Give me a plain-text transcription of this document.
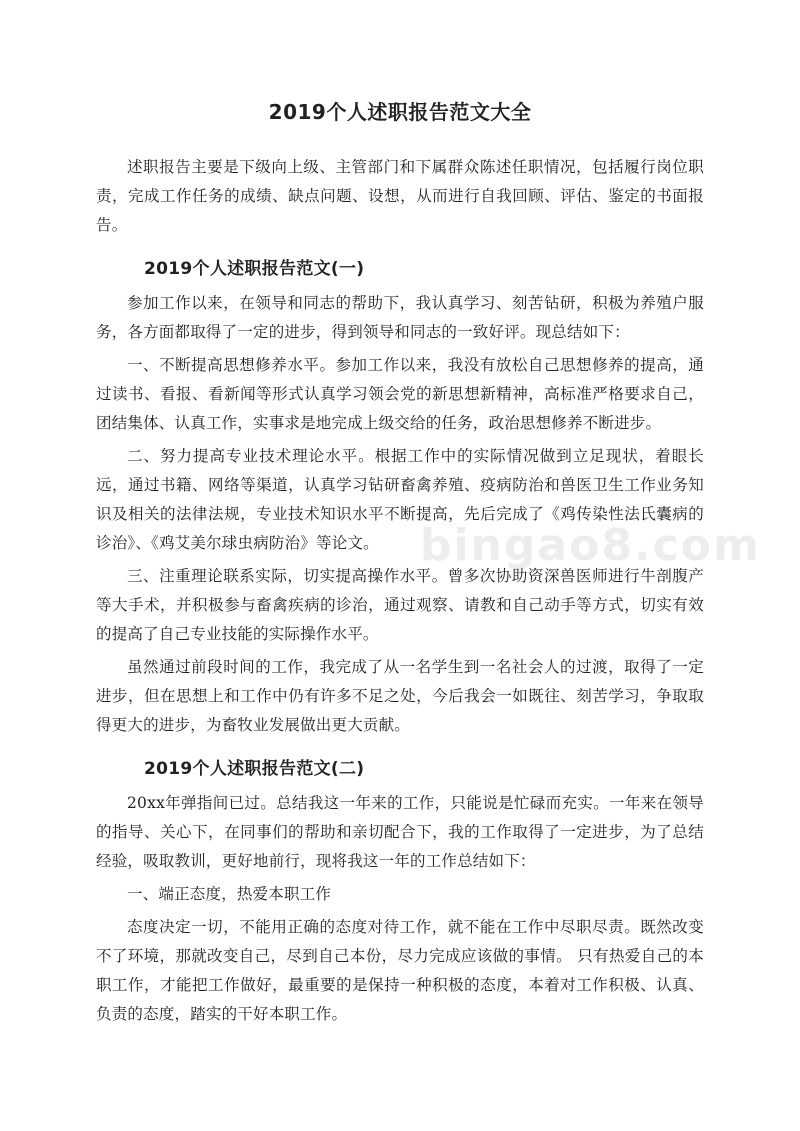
2019个人述职报告范文大全

述职报告主要是下级向上级、主管部门和下属群众陈述任职情况，包括履行岗位职责，完成工作任务的成绩、缺点问题、设想，从而进行自我回顾、评估、鉴定的书面报告。

2019个人述职报告范文(一)

参加工作以来，在领导和同志的帮助下，我认真学习、刻苦钻研，积极为养殖户服务，各方面都取得了一定的进步，得到领导和同志的一致好评。现总结如下：

一、不断提高思想修养水平。参加工作以来，我没有放松自己思想修养的提高，通过读书、看报、看新闻等形式认真学习领会党的新思想新精神，高标准严格要求自己，团结集体、认真工作，实事求是地完成上级交给的任务，政治思想修养不断进步。

二、努力提高专业技术理论水平。根据工作中的实际情况做到立足现状，着眼长远，通过书籍、网络等渠道，认真学习钻研畜禽养殖、疫病防治和兽医卫生工作业务知识及相关的法律法规，专业技术知识水平不断提高，先后完成了《鸡传染性法氏囊病的诊治》、《鸡艾美尔球虫病防治》等论文。

三、注重理论联系实际，切实提高操作水平。曾多次协助资深兽医师进行牛剖腹产等大手术，并积极参与畜禽疾病的诊治，通过观察、请教和自己动手等方式，切实有效的提高了自己专业技能的实际操作水平。

虽然通过前段时间的工作，我完成了从一名学生到一名社会人的过渡，取得了一定进步，但在思想上和工作中仍有许多不足之处，今后我会一如既往、刻苦学习，争取取得更大的进步，为畜牧业发展做出更大贡献。

2019个人述职报告范文(二)

20xx年弹指间已过。总结我这一年来的工作，只能说是忙碌而充实。一年来在领导的指导、关心下，在同事们的帮助和亲切配合下，我的工作取得了一定进步，为了总结经验，吸取教训，更好地前行，现将我这一年的工作总结如下：

一、端正态度，热爱本职工作

态度决定一切，不能用正确的态度对待工作，就不能在工作中尽职尽责。既然改变不了环境，那就改变自己，尽到自己本份，尽力完成应该做的事情。 只有热爱自己的本职工作，才能把工作做好，最重要的是保持一种积极的态度，本着对工作积极、认真、负责的态度，踏实的干好本职工作。

bingao8.com
